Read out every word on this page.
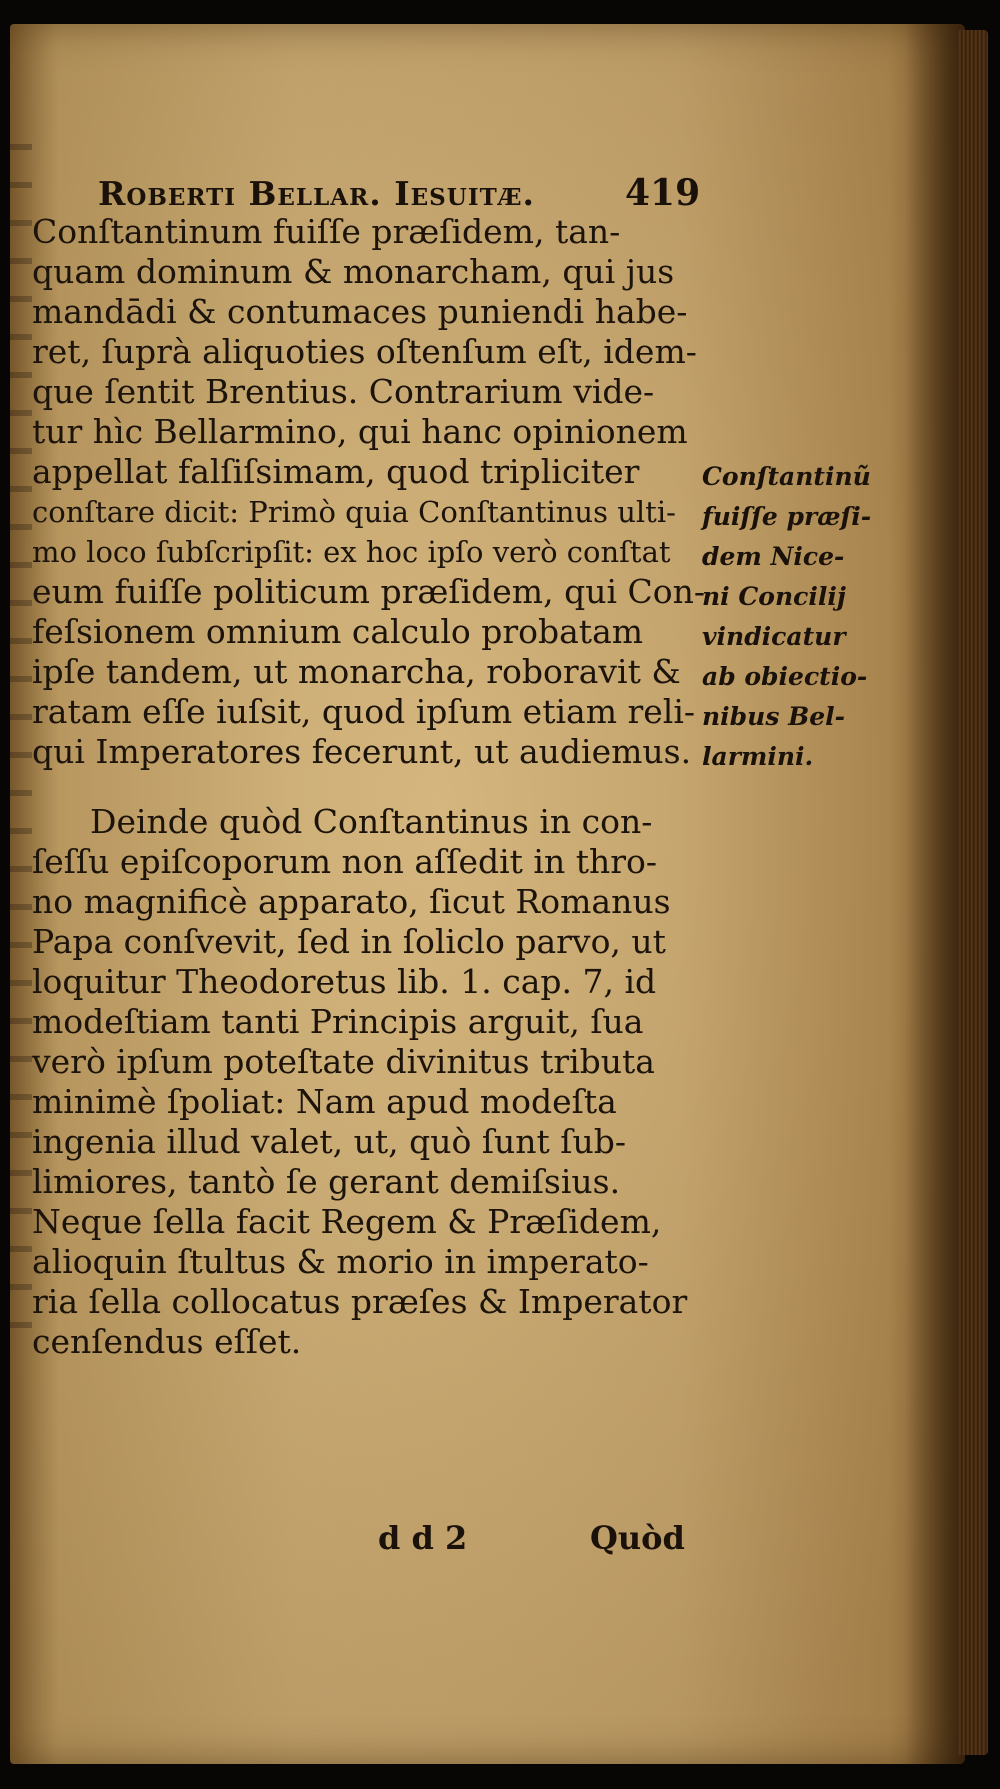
Roberti Bellar. Iesuitæ.	419
Conſtantinum fuiſſe præſidem, tan-
quam dominum & monarcham, qui jus
mandādi & contumaces puniendi habe-
ret, ſuprà aliquoties oſtenſum eſt, idem-
que ſentit Brentius. Contrarium vide-
tur hìc Bellarmino, qui hanc opinionem
appellat falſiſsimam, quod tripliciter
conſtare dicit: Primò quia Conſtantinus ulti-
mo loco ſubſcripſit: ex hoc ipſo verò conſtat
eum fuiſſe politicum præſidem, qui Con-
feſsionem omnium calculo probatam
ipſe tandem, ut monarcha, roboravit &
ratam eſſe iuſsit, quod ipſum etiam reli-
qui Imperatores fecerunt, ut audiemus.
Deinde quòd Conſtantinus in con-
ſeſſu epiſcoporum non aſſedit in thro-
no magnificè apparato, ſicut Romanus
Papa conſvevit, ſed in ſoliclo parvo, ut
loquitur Theodoretus lib. 1. cap. 7, id
modeſtiam tanti Principis arguit, ſua
verò ipſum poteſtate divinitus tributa
minimè ſpoliat: Nam apud modeſta
ingenia illud valet, ut, quò ſunt ſub-
limiores, tantò ſe gerant demiſsius.
Neque ſella facit Regem & Præſidem,
alioquin ſtultus & morio in imperato-
ria ſella collocatus præſes & Imperator
cenſendus eſſet.
Conſtantinũ
fuiſſe præſi-
dem Nice-
ni Concilij
vindicatur
ab obiectio-
nibus Bel-
larmini.
d d 2	Quòd
